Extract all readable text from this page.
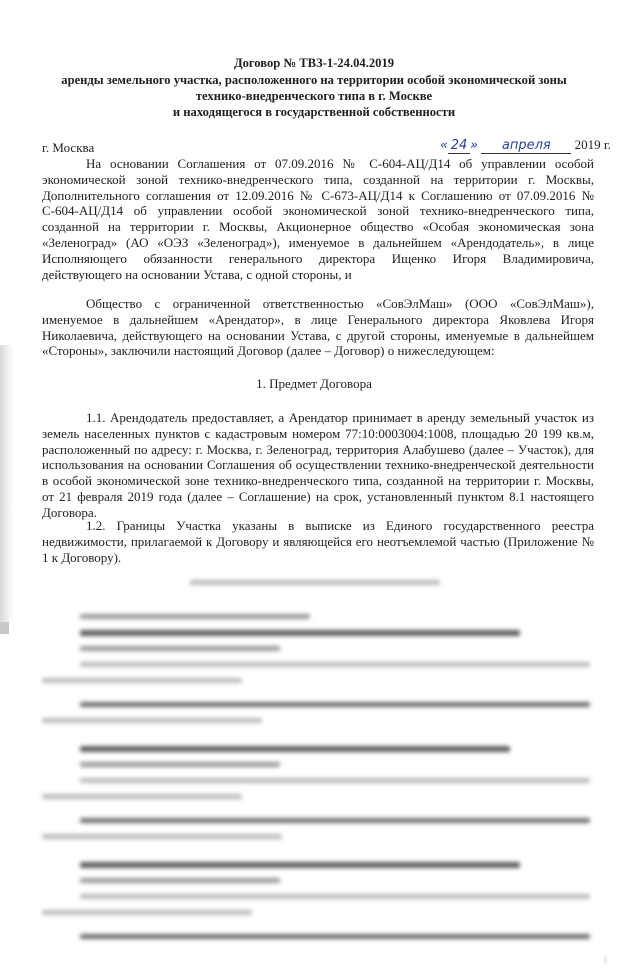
Договор № ТВЗ-1-24.04.2019
аренды земельного участка, расположенного на территории особой экономической зоны
технико-внедренческого типа в г. Москве
и находящегося в государственной собственности
г. Москва	« 24 » апреля 2019 г.
На основании Соглашения от 07.09.2016 № С-604-АЦ/Д14 об управлении особой экономической зоной технико-внедренческого типа, созданной на территории г. Москвы, Дополнительного соглашения от 12.09.2016 № С-673-АЦ/Д14 к Соглашению от 07.09.2016 № С-604-АЦ/Д14 об управлении особой экономической зоной технико-внедренческого типа, созданной на территории г. Москвы, Акционерное общество «Особая экономическая зона «Зеленоград» (АО «ОЭЗ «Зеленоград»), именуемое в дальнейшем «Арендодатель», в лице Исполняющего обязанности генерального директора Ищенко Игоря Владимировича, действующего на основании Устава, с одной стороны, и
Общество с ограниченной ответственностью «СовЭлМаш» (ООО «СовЭлМаш»), именуемое в дальнейшем «Арендатор», в лице Генерального директора Яковлева Игоря Николаевича, действующего на основании Устава, с другой стороны, именуемые в дальнейшем «Стороны», заключили настоящий Договор (далее – Договор) о нижеследующем:
1. Предмет Договора
1.1. Арендодатель предоставляет, а Арендатор принимает в аренду земельный участок из земель населенных пунктов с кадастровым номером 77:10:0003004:1008, площадью 20 199 кв.м, расположенный по адресу: г. Москва, г. Зеленоград, территория Алабушево (далее – Участок), для использования на основании Соглашения об осуществлении технико-внедренческой деятельности в особой экономической зоне технико-внедренческого типа, созданной на территории г. Москвы, от 21 февраля 2019 года (далее – Соглашение) на срок, установленный пунктом 8.1 настоящего Договора.
1.2. Границы Участка указаны в выписке из Единого государственного реестра недвижимости, прилагаемой к Договору и являющейся его неотъемлемой частью (Приложение № 1 к Договору).
1
